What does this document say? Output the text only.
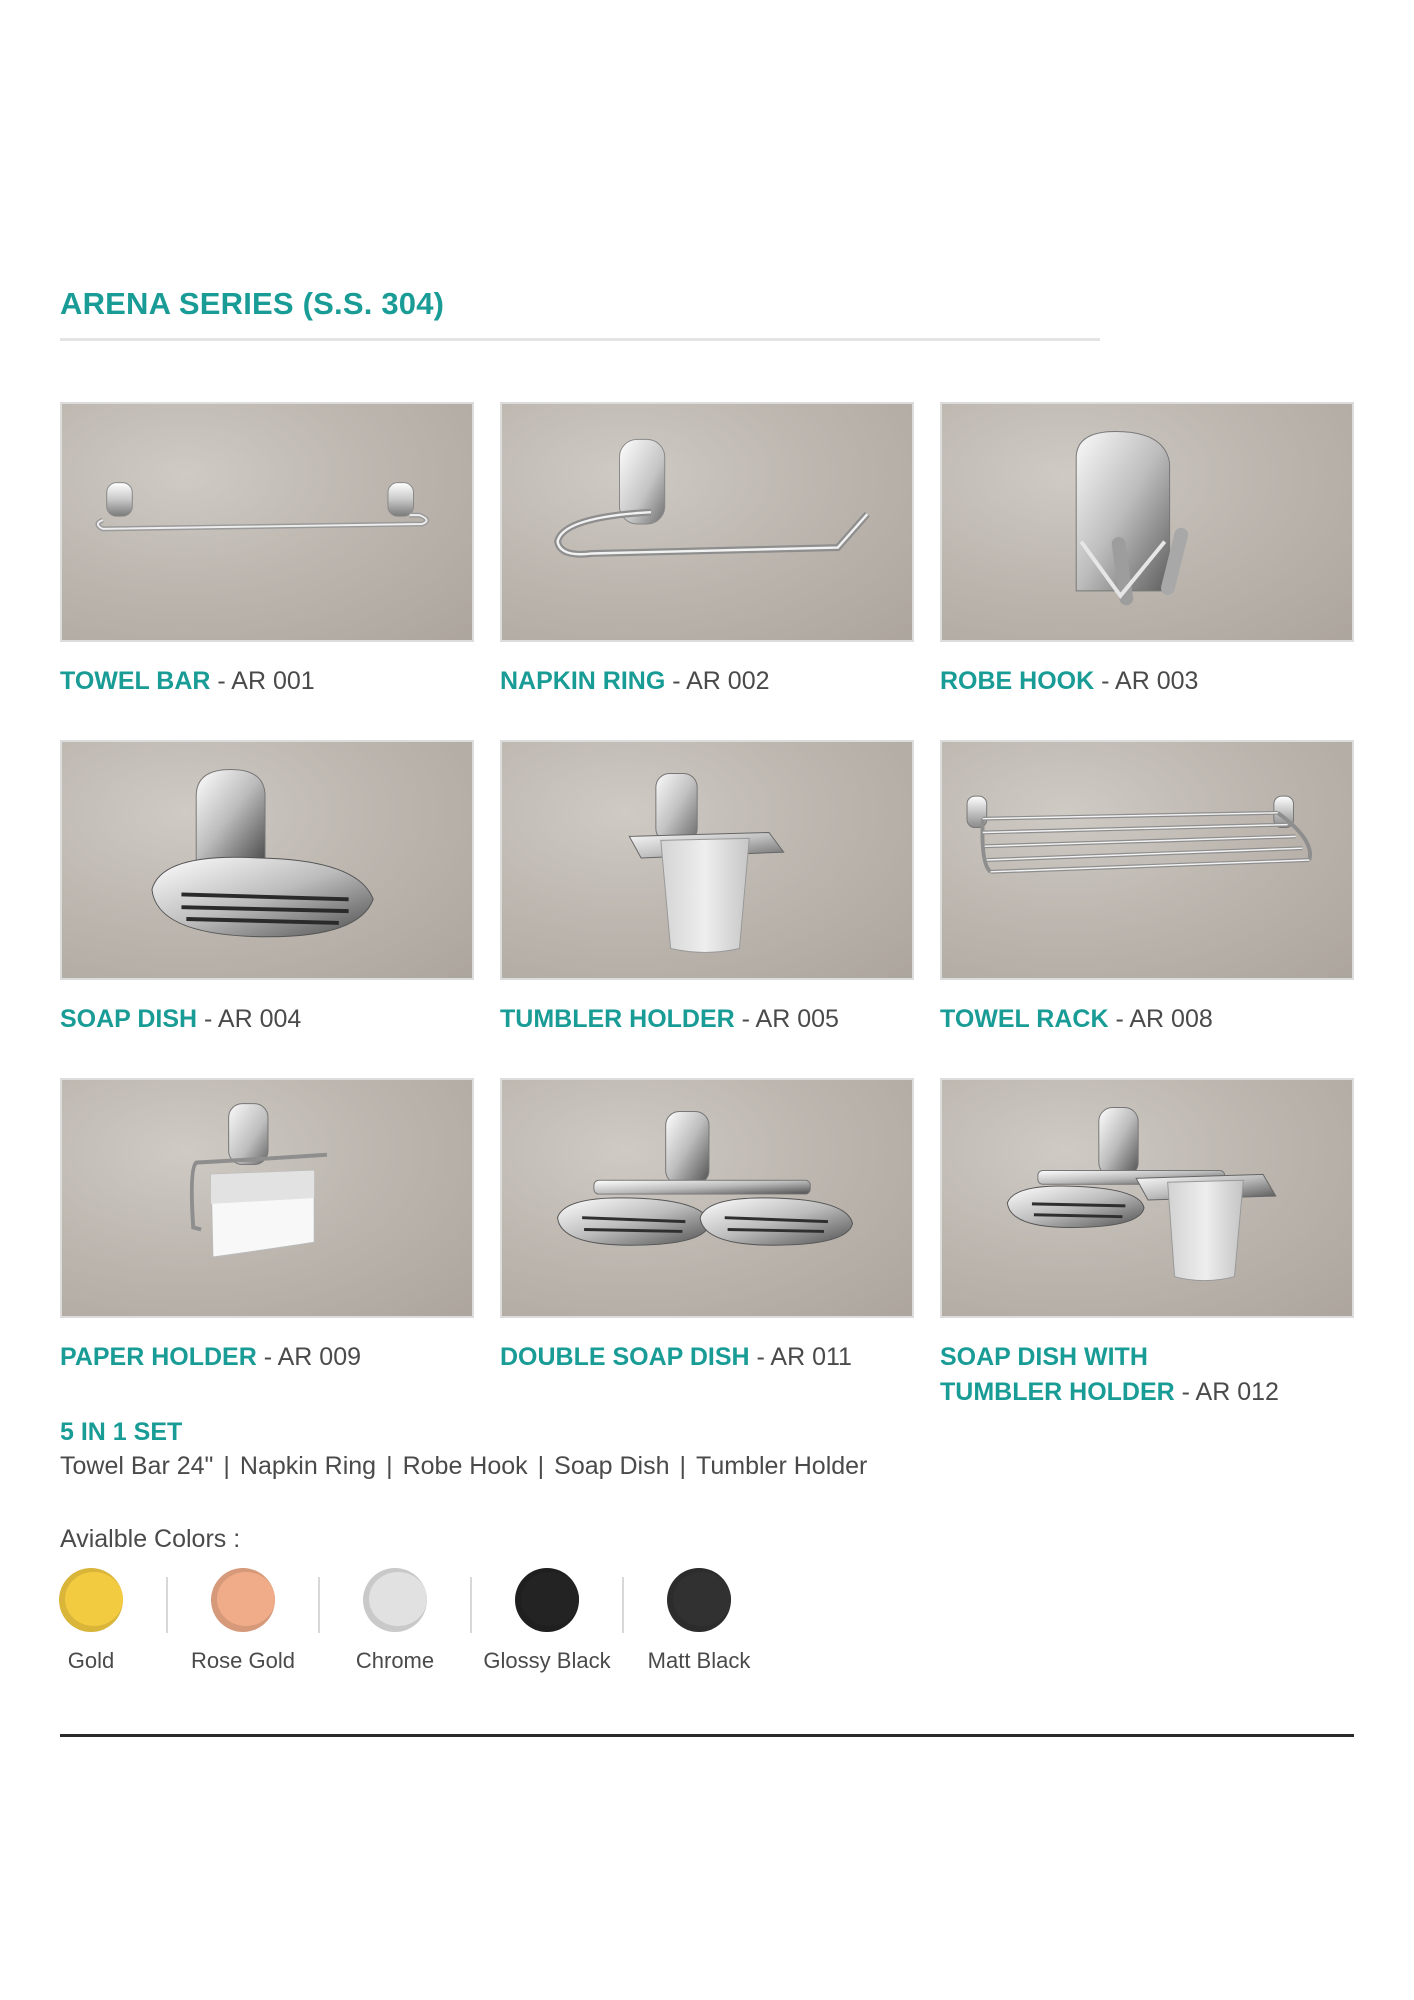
ARENA SERIES (S.S. 304)
TOWEL BAR - AR 001	NAPKIN RING - AR 002	ROBE HOOK - AR 003
SOAP DISH - AR 004	TUMBLER HOLDER - AR 005	TOWEL RACK - AR 008
PAPER HOLDER - AR 009	DOUBLE SOAP DISH - AR 011	SOAP DISH WITH
TUMBLER HOLDER - AR 012
5 IN 1 SET
Towel Bar 24" | Napkin Ring | Robe Hook | Soap Dish | Tumbler Holder
Avialble Colors :
Gold	Rose Gold	Chrome	Glossy Black	Matt Black
